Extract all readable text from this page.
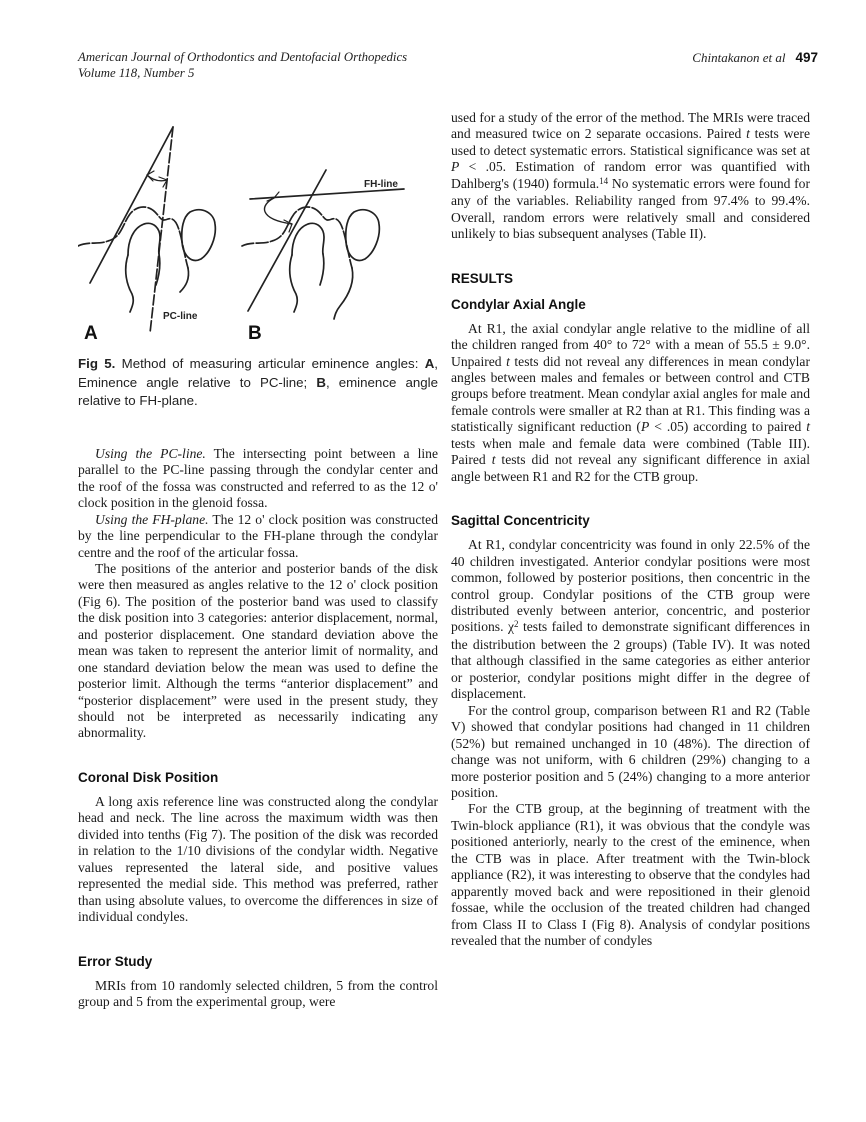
American Journal of Orthodontics and Dentofacial Orthopedics
Volume 118, Number 5
Chintakanon et al 497
PC-line
A
FH-line
B
Fig 5. Method of measuring articular eminence angles: A, Eminence angle relative to PC-line; B, eminence angle relative to FH-plane.

Using the PC-line. The intersecting point between a line parallel to the PC-line passing through the condylar center and the roof of the fossa was constructed and referred to as the 12 o' clock position in the glenoid fossa.

Using the FH-plane. The 12 o' clock position was constructed by the line perpendicular to the FH-plane through the condylar centre and the roof of the articular fossa.

The positions of the anterior and posterior bands of the disk were then measured as angles relative to the 12 o' clock position (Fig 6). The position of the posterior band was used to classify the disk position into 3 categories: anterior displacement, normal, and posterior displacement. One standard deviation above the mean was taken to represent the anterior limit of normality, and one standard deviation below the mean was used to define the posterior limit. Although the terms “anterior displacement” and “posterior displacement” were used in the present study, they should not be interpreted as necessarily indicating any abnormality.

Coronal Disk Position

A long axis reference line was constructed along the condylar head and neck. The line across the maximum width was then divided into tenths (Fig 7). The position of the disk was recorded in relation to the 1/10 divisions of the condylar width. Negative values represented the lateral side, and positive values represented the medial side. This method was preferred, rather than using absolute values, to overcome the differences in size of individual condyles.

Error Study

MRIs from 10 randomly selected children, 5 from the control group and 5 from the experimental group, were

used for a study of the error of the method. The MRIs were traced and measured twice on 2 separate occasions. Paired t tests were used to detect systematic errors. Statistical significance was set at P < .05. Estimation of random error was quantified with Dahlberg's (1940) formula.$^{14}$ No systematic errors were found for any of the variables. Reliability ranged from 97.4% to 99.4%. Overall, random errors were relatively small and considered unlikely to bias subsequent analyses (Table II).

RESULTS
Condylar Axial Angle

At R1, the axial condylar angle relative to the midline of all the children ranged from 40° to 72° with a mean of 55.5 ± 9.0°. Unpaired t tests did not reveal any differences in mean condylar angles between males and females or between control and CTB groups before treatment. Mean condylar axial angles for male and female controls were smaller at R2 than at R1. This finding was a statistically significant reduction (P < .05) according to paired t tests when male and female data were combined (Table III). Paired t tests did not reveal any significant difference in axial angle between R1 and R2 for the CTB group.

Sagittal Concentricity

At R1, condylar concentricity was found in only 22.5% of the 40 children investigated. Anterior condylar positions were most common, followed by posterior positions, then concentric in the control group. Condylar positions of the CTB group were distributed evenly between anterior, concentric, and posterior positions. $\chi^2$ tests failed to demonstrate significant differences in the distribution between the 2 groups) (Table IV). It was noted that although classified in the same categories as either anterior or posterior, condylar positions might differ in the degree of displacement.

For the control group, comparison between R1 and R2 (Table V) showed that condylar positions had changed in 11 children (52%) but remained unchanged in 10 (48%). The direction of change was not uniform, with 6 children (29%) changing to a more posterior position and 5 (24%) changing to a more anterior position.

For the CTB group, at the beginning of treatment with the Twin-block appliance (R1), it was obvious that the condyle was positioned anteriorly, nearly to the crest of the eminence, when the CTB was in place. After treatment with the Twin-block appliance (R2), it was interesting to observe that the condyles had apparently moved back and were repositioned in their glenoid fossae, while the occlusion of the treated children had changed from Class II to Class I (Fig 8). Analysis of condylar positions revealed that the number of condyles
